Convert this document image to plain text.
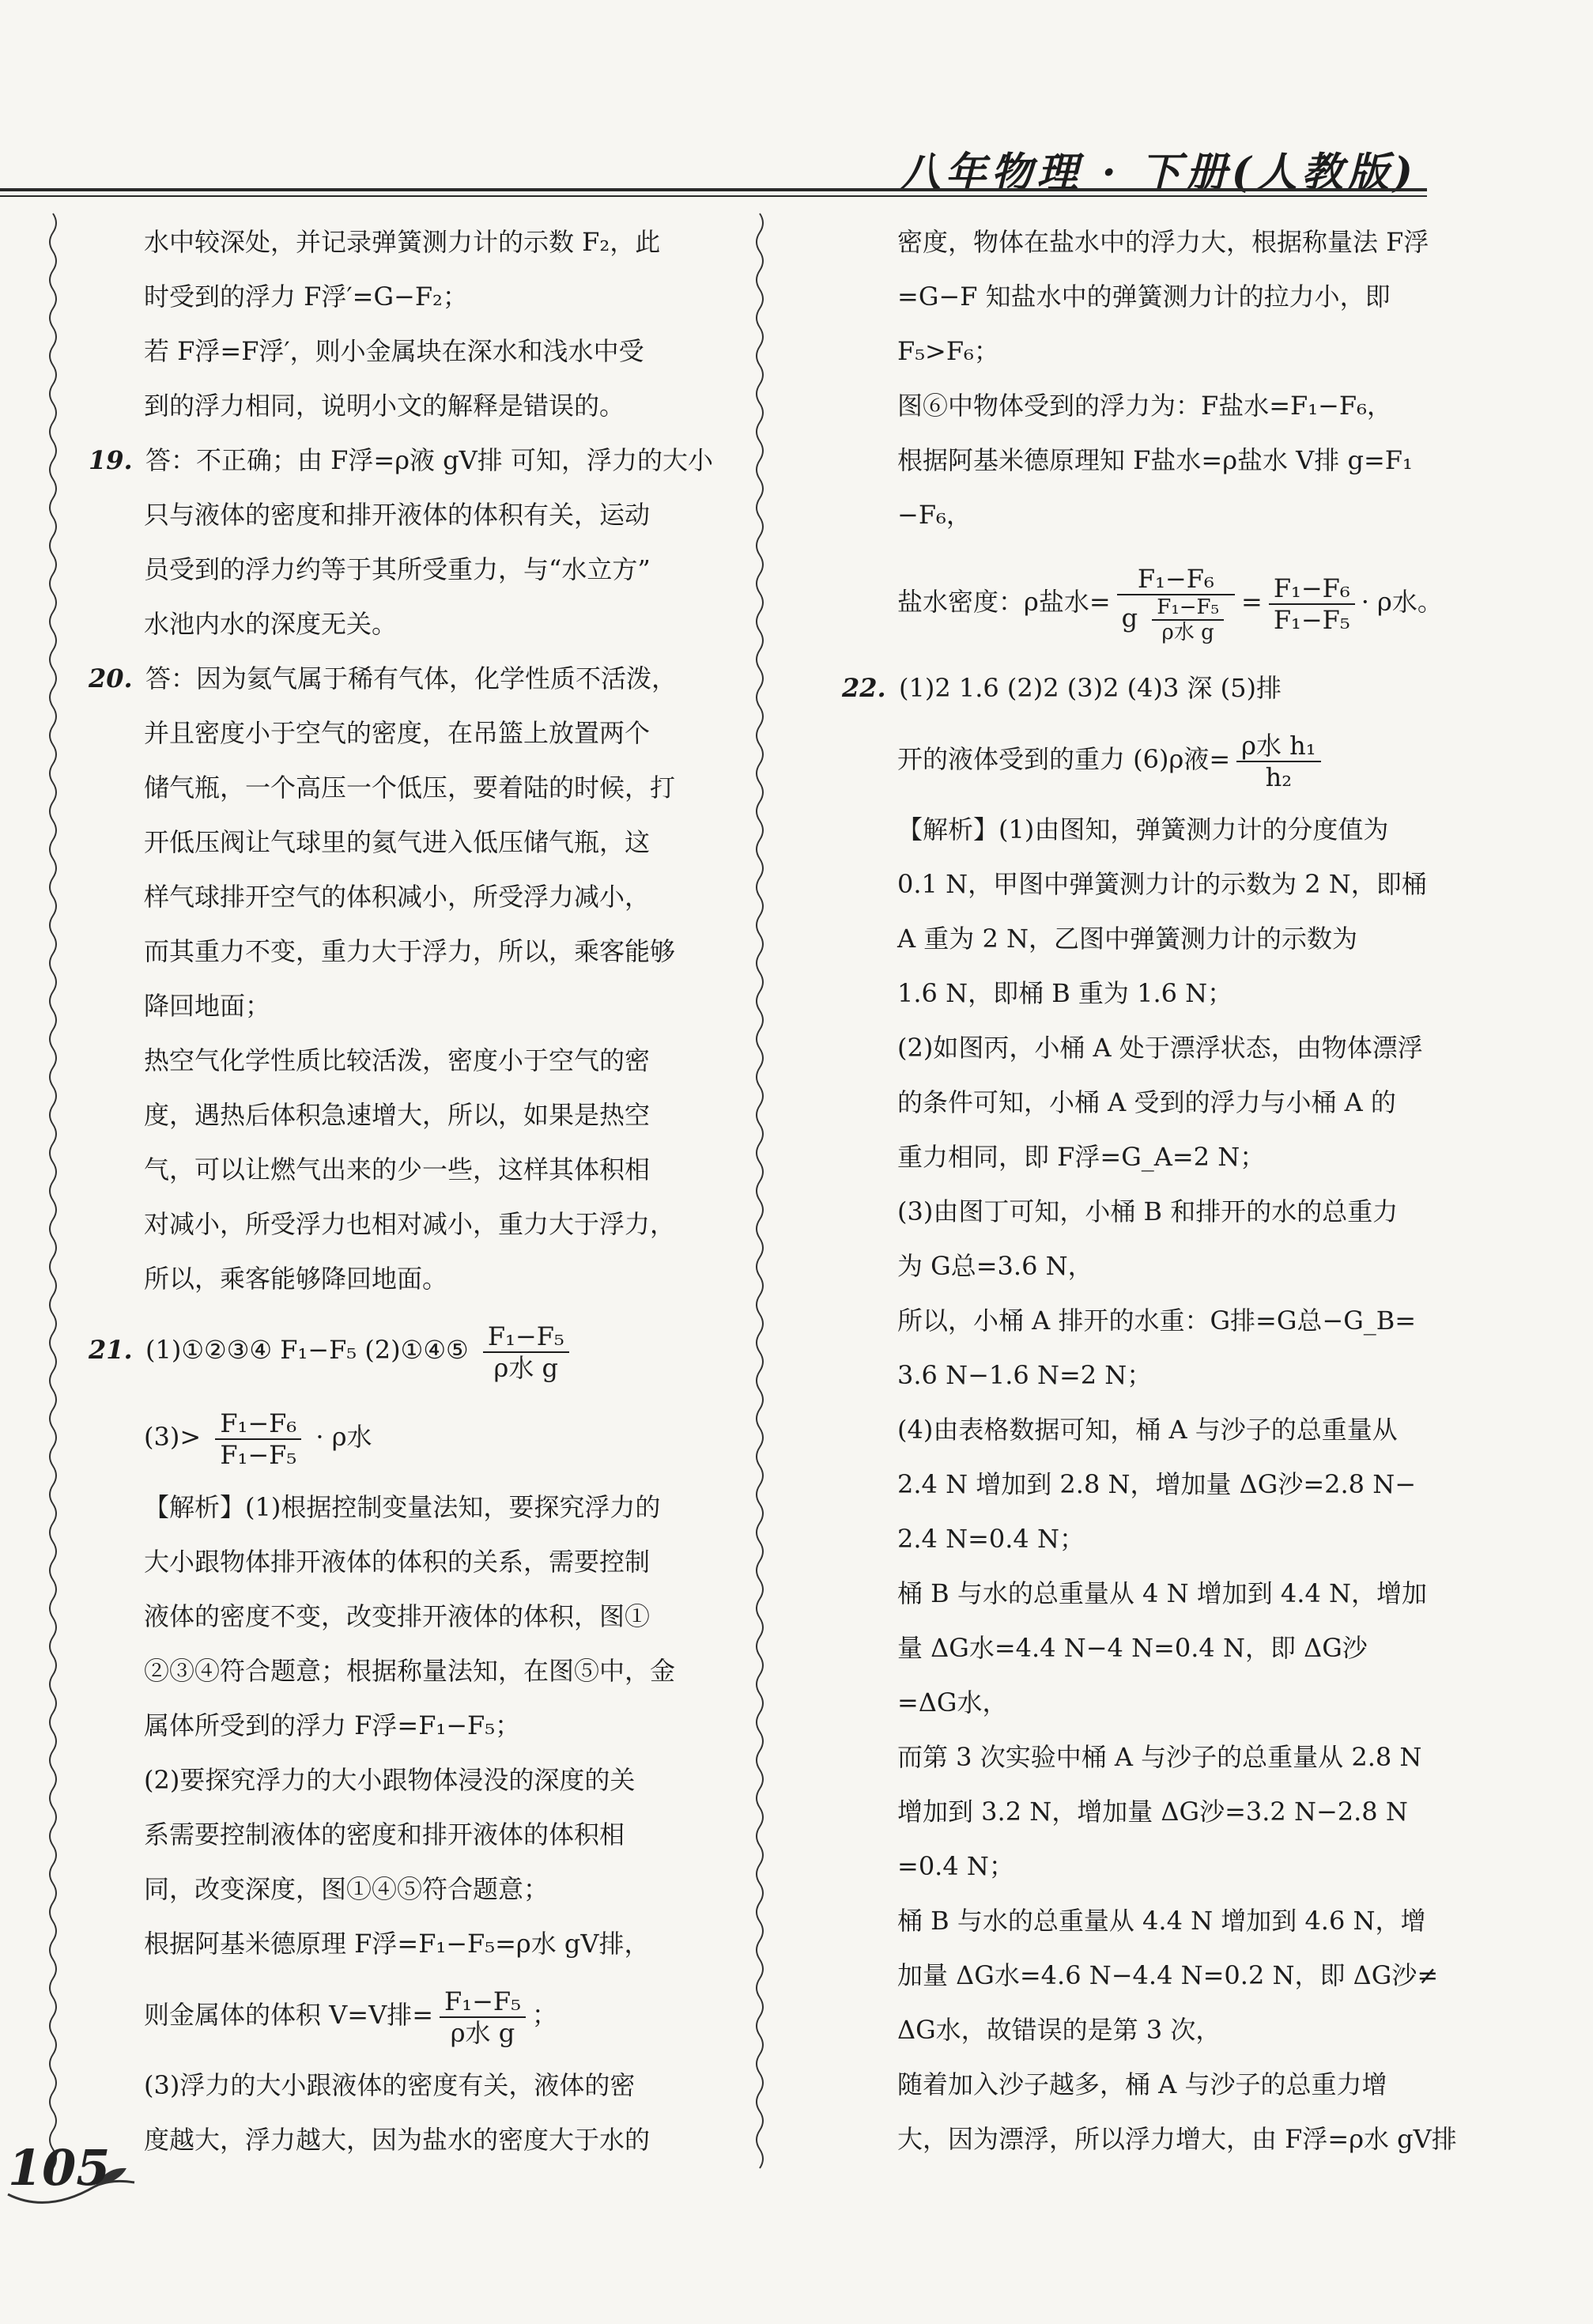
八年物理 · 下册(人教版)
水中较深处，并记录弹簧测力计的示数 F₂，此
时受到的浮力 F浮′=G−F₂；
若 F浮=F浮′，则小金属块在深水和浅水中受
到的浮力相同，说明小文的解释是错误的。
19. 答：不正确；由 F浮=ρ液 gV排 可知，浮力的大小
只与液体的密度和排开液体的体积有关，运动
员受到的浮力约等于其所受重力，与“水立方”
水池内水的深度无关。
20. 答：因为氦气属于稀有气体，化学性质不活泼，
并且密度小于空气的密度，在吊篮上放置两个
储气瓶，一个高压一个低压，要着陆的时候，打
开低压阀让气球里的氦气进入低压储气瓶，这
样气球排开空气的体积减小，所受浮力减小，
而其重力不变，重力大于浮力，所以，乘客能够
降回地面；
热空气化学性质比较活泼，密度小于空气的密
度，遇热后体积急速增大，所以，如果是热空
气，可以让燃气出来的少一些，这样其体积相
对减小，所受浮力也相对减小，重力大于浮力，
所以，乘客能够降回地面。
21. (1)①②③④ F₁−F₅ (2)①④⑤ $\frac{\text{F₁−F₅}}{\text{ρ水 g}}$
$(3)> \frac{\text{F₁−F₆}}{\text{F₁−F₅}} \cdot \rho$水
【解析】(1)根据控制变量法知，要探究浮力的
大小跟物体排开液体的体积的关系，需要控制
液体的密度不变，改变排开液体的体积，图①
②③④符合题意；根据称量法知，在图⑤中，金
属体所受到的浮力 F浮=F₁−F₅；
(2)要探究浮力的大小跟物体浸没的深度的关
系需要控制液体的密度和排开液体的体积相
同，改变深度，图①④⑤符合题意；
根据阿基米德原理 F浮=F₁−F₅=ρ水 gV排，
则金属体的体积 V=V排= $\frac{\text{F₁−F₅}}{\text{ρ水 g}}$ ；
(3)浮力的大小跟液体的密度有关，液体的密
度越大，浮力越大，因为盐水的密度大于水的
密度，物体在盐水中的浮力大，根据称量法 F浮
=G−F 知盐水中的弹簧测力计的拉力小，即
F₅>F₆；
图⑥中物体受到的浮力为：F盐水=F₁−F₆，
根据阿基米德原理知 F盐水=ρ盐水 V排 g=F₁
−F₆，
盐水密度：ρ盐水= $\frac{\text{F₁−F₆}}{g \frac{\text{F₁−F₅}}{\text{ρ水 g}}} = \frac{\text{F₁−F₆}}{\text{F₁−F₅}} \cdot \rho$水。
22. (1)2 1.6 (2)2 (3)2 (4)3 深 (5)排
开的液体受到的重力 (6)ρ液= $\frac{\text{ρ水 h₁}}{\text{h₂}}$
【解析】(1)由图知，弹簧测力计的分度值为
0.1 N，甲图中弹簧测力计的示数为 2 N，即桶
A 重为 2 N，乙图中弹簧测力计的示数为
1.6 N，即桶 B 重为 1.6 N；
(2)如图丙，小桶 A 处于漂浮状态，由物体漂浮
的条件可知，小桶 A 受到的浮力与小桶 A 的
重力相同，即 F浮=G_A=2 N；
(3)由图丁可知，小桶 B 和排开的水的总重力
为 G总=3.6 N，
所以，小桶 A 排开的水重：G排=G总−G_B=
3.6 N−1.6 N=2 N；
(4)由表格数据可知，桶 A 与沙子的总重量从
2.4 N 增加到 2.8 N，增加量 ΔG沙=2.8 N−
2.4 N=0.4 N；
桶 B 与水的总重量从 4 N 增加到 4.4 N，增加
量 ΔG水=4.4 N−4 N=0.4 N，即 ΔG沙
=ΔG水，
而第 3 次实验中桶 A 与沙子的总重量从 2.8 N
增加到 3.2 N，增加量 ΔG沙=3.2 N−2.8 N
=0.4 N；
桶 B 与水的总重量从 4.4 N 增加到 4.6 N，增
加量 ΔG水=4.6 N−4.4 N=0.2 N，即 ΔG沙≠
ΔG水，故错误的是第 3 次，
随着加入沙子越多，桶 A 与沙子的总重力增
大，因为漂浮，所以浮力增大，由 F浮=ρ水 gV排
105
